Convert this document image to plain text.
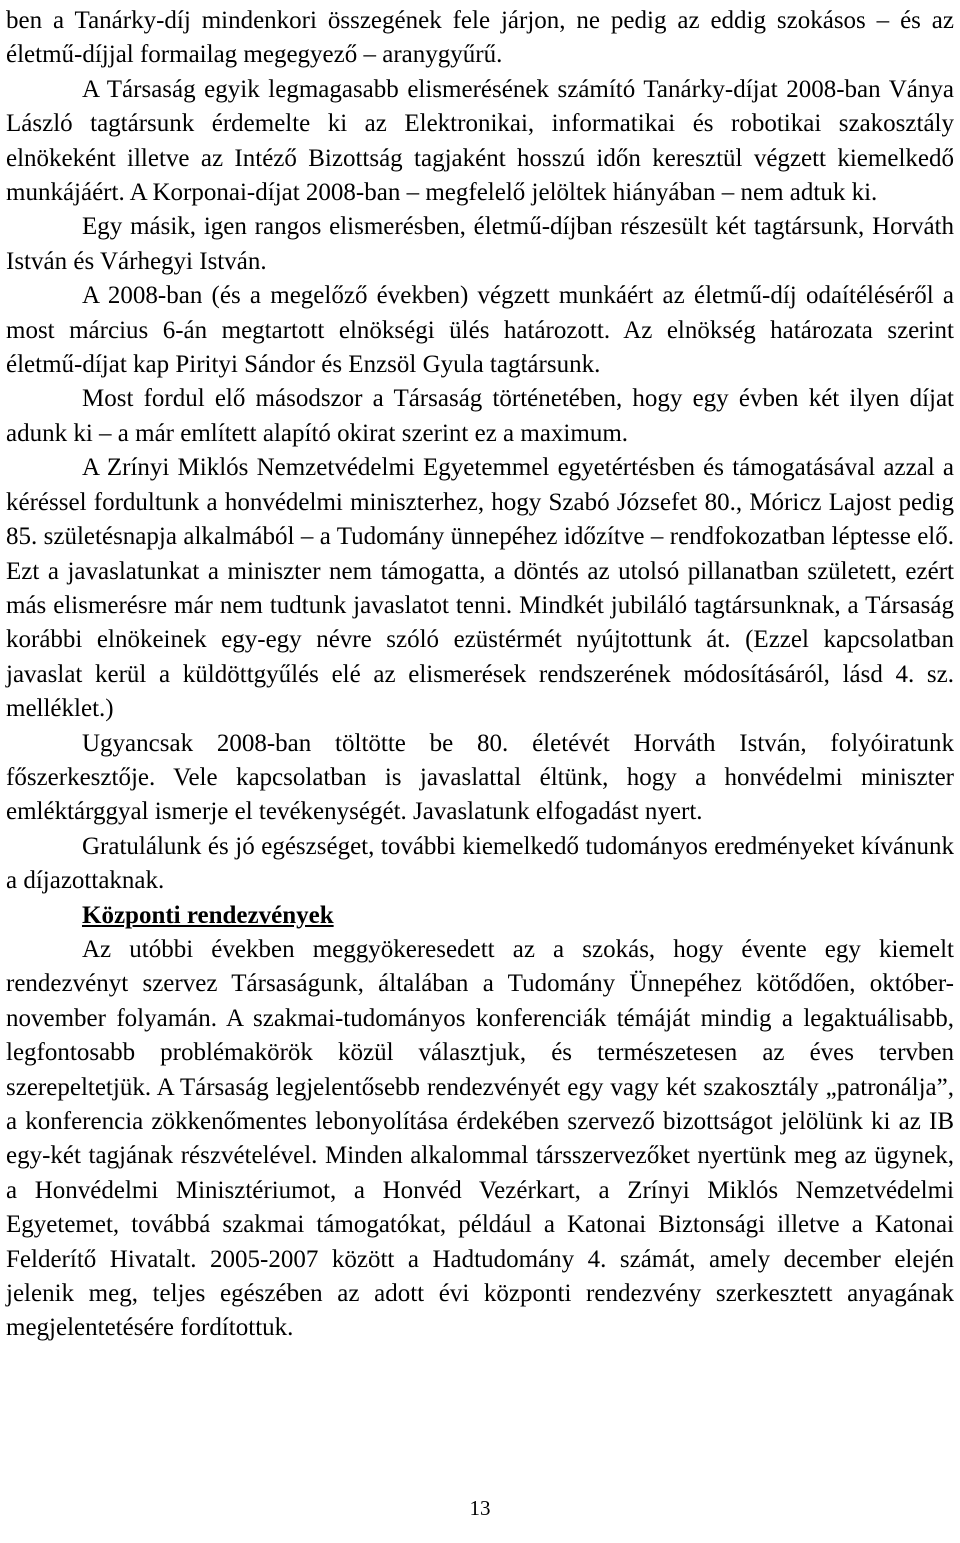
ben a Tanárky-díj mindenkori összegének fele járjon, ne pedig az eddig szokásos – és az életmű-díjjal formailag megegyező – aranygyűrű.

A Társaság egyik legmagasabb elismerésének számító Tanárky-díjat 2008-ban Ványa László tagtársunk érdemelte ki az Elektronikai, informatikai és robotikai szakosztály elnökeként illetve az Intéző Bizottság tagjaként hosszú időn keresztül végzett kiemelkedő munkájáért. A Korponai-díjat 2008-ban – megfelelő jelöltek hiányában – nem adtuk ki.

Egy másik, igen rangos elismerésben, életmű-díjban részesült két tagtársunk, Horváth István és Várhegyi István.

A 2008-ban (és a megelőző években) végzett munkáért az életmű-díj odaítéléséről a most március 6-án megtartott elnökségi ülés határozott. Az elnökség határozata szerint életmű-díjat kap Pirityi Sándor és Enzsöl Gyula tagtársunk.

Most fordul elő másodszor a Társaság történetében, hogy egy évben két ilyen díjat adunk ki – a már említett alapító okirat szerint ez a maximum.

A Zrínyi Miklós Nemzetvédelmi Egyetemmel egyetértésben és támogatásával azzal a kéréssel fordultunk a honvédelmi miniszterhez, hogy Szabó Józsefet 80., Móricz Lajost pedig 85. születésnapja alkalmából – a Tudomány ünnepéhez időzítve – rendfokozatban léptesse elő. Ezt a javaslatunkat a miniszter nem támogatta, a döntés az utolsó pillanatban született, ezért más elismerésre már nem tudtunk javaslatot tenni. Mindkét jubiláló tagtársunknak, a Társaság korábbi elnökeinek egy-egy névre szóló ezüstérmét nyújtottunk át. (Ezzel kapcsolatban javaslat kerül a küldöttgyűlés elé az elismerések rendszerének módosításáról, lásd 4. sz. melléklet.)

Ugyancsak 2008-ban töltötte be 80. életévét Horváth István, folyóiratunk főszerkesztője. Vele kapcsolatban is javaslattal éltünk, hogy a honvédelmi miniszter emléktárggyal ismerje el tevékenységét. Javaslatunk elfogadást nyert.

Gratulálunk és jó egészséget, további kiemelkedő tudományos eredményeket kívánunk a díjazottaknak.

Központi rendezvények

Az utóbbi években meggyökeresedett az a szokás, hogy évente egy kiemelt rendezvényt szervez Társaságunk, általában a Tudomány Ünnepéhez kötődően, október-november folyamán. A szakmai-tudományos konferenciák témáját mindig a legaktuálisabb, legfontosabb problémakörök közül választjuk, és természetesen az éves tervben szerepeltetjük. A Társaság legjelentősebb rendezvényét egy vagy két szakosztály „patronálja”, a konferencia zökkenőmentes lebonyolítása érdekében szervező bizottságot jelölünk ki az IB egy-két tagjának részvételével. Minden alkalommal társszervezőket nyertünk meg az ügynek, a Honvédelmi Minisztériumot, a Honvéd Vezérkart, a Zrínyi Miklós Nemzetvédelmi Egyetemet, továbbá szakmai támogatókat, például a Katonai Biztonsági illetve a Katonai Felderítő Hivatalt. 2005-2007 között a Hadtudomány 4. számát, amely december elején jelenik meg, teljes egészében az adott évi központi rendezvény szerkesztett anyagának megjelentetésére fordítottuk.

13
